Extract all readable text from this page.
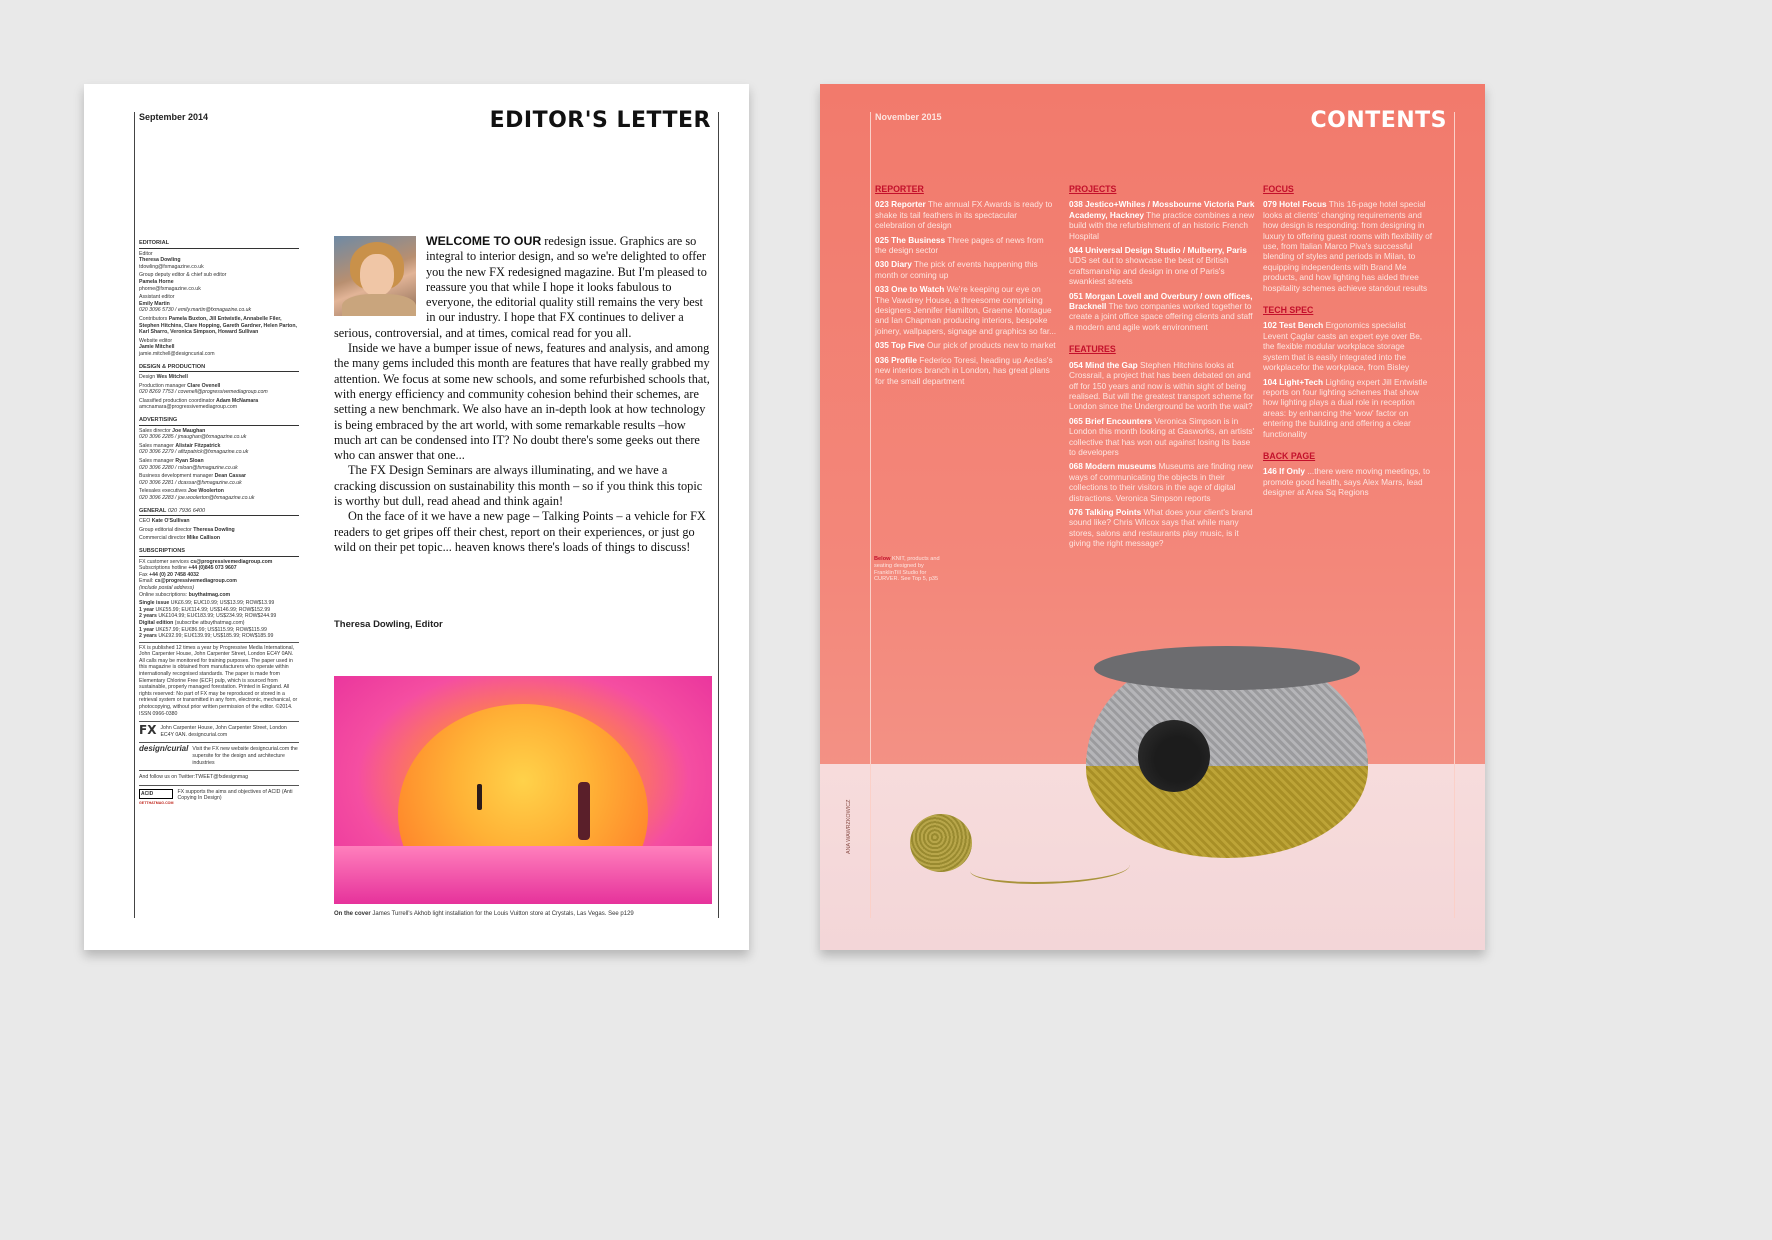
September 2014	EDITOR'S LETTER
EDITORIAL

Editor
Theresa Dowling
tdowling@fxmagazine.co.uk

Group deputy editor & chief sub editor
Pamela Horne
phorne@fxmagazine.co.uk

Assistant editor
Emily Martin
020 3096 5730 / emily.martin@fxmagazine.co.uk

Contributors Pamela Buxton, Jill Entwistle, Annabelle Filer, Stephen Hitchins, Clare Hopping, Gareth Gardner, Helen Parton, Karl Sharro, Veronica Simpson, Howard Sullivan

Website editor
Jamie Mitchell
jamie.mitchell@designcurial.com

DESIGN & PRODUCTION

Design Wes Mitchell

Production manager Clare Ovenell
020 8269 7753 / covenell@progressivemediagroup.com

Classified production coordinator Adam McNamara
amcnamara@progressivemediagroup.com

ADVERTISING

Sales director Joe Maughan
020 3096 2285 / jmaughan@fxmagazine.co.uk

Sales manager Alistair Fitzpatrick
020 3096 2279 / afitzpatrick@fxmagazine.co.uk

Sales manager Ryan Sloan
020 3096 2280 / rsloan@fxmagazine.co.uk

Business development manager Dean Cassar
020 3096 2281 / dcassar@fxmagazine.co.uk

Telesales executives Joe Woolerton
020 3096 2283 / joe.woolerton@fxmagazine.co.uk

GENERAL 020 7936 6400

CEO Kate O'Sullivan

Group editorial director Theresa Dowling

Commercial director Mike Callison

SUBSCRIPTIONS

FX customer services cs@progressivemediagroup.com
Subscriptions hotline +44 (0)845 073 9607
Fax +44 (0) 20 7458 4032
Email: cs@progressivemediagroup.com
(include postal address)
Online subscriptions: buythatmag.com

Single issue UK£6.99; EU€10.99; US$13.99; ROW$13.99
1 year UK£55.99; EU€114.99; US$146.99; ROW$152.99
2 years UK£104.99; EU€183.99; US$234.99; ROW$244.99
Digital edition (subscribe atbuythatmag.com)
1 year UK£57.99; EU€86.99; US$115.99; ROW$115.99
2 years UK£92.99; EU€139.99; US$185.99; ROW$185.99

FX is published 12 times a year by Progressive Media International, John Carpenter House, John Carpenter Street, London EC4Y 0AN. All calls may be monitored for training purposes. The paper used in this magazine is obtained from manufacturers who operate within internationally recognised standards. The paper is made from Elementary Chlorine Free (ECF) pulp, which is sourced from sustainable, properly managed forestation. Printed in England. All rights reserved: No part of FX may be reproduced or stored in a retrieval system or transmitted in any form, electronic, mechanical, or photocopying, without prior written permission of the editor. ©2014. ISSN 0966-0380

FX John Carpenter House, John Carpenter Street, London EC4Y 0AN. designcurial.com
design/curial Visit the FX new website designcurial.com the supersite for the design and architecture industries
And follow us on Twitter:TWEET@fxdesignmag
ACID
GETTHATMAG.COM
FX supports the aims and objectives of ACID (Anti Copying In Design)

WELCOME TO OUR redesign issue. Graphics are so integral to interior design, and so we're delighted to offer you the new FX redesigned magazine. But I'm pleased to reassure you that while I hope it looks fabulous to everyone, the editorial quality still remains the very best in our industry. I hope that FX continues to deliver a serious, controversial, and at times, comical read for you all.

Inside we have a bumper issue of news, features and analysis, and among the many gems included this month are features that have really grabbed my attention. We focus at some new schools, and some refurbished schools that, with energy efficiency and community cohesion behind their schemes, are setting a new benchmark. We also have an in-depth look at how technology is being embraced by the art world, with some remarkable results –how much art can be condensed into IT? No doubt there's some geeks out there who can answer that one...

The FX Design Seminars are always illuminating, and we have a cracking discussion on sustainability this month – so if you think this topic is worthy but dull, read ahead and think again!

On the face of it we have a new page – Talking Points – a vehicle for FX readers to get gripes off their chest, report on their experiences, or just go wild on their pet topic... heaven knows there's loads of things to discuss!

Theresa Dowling, Editor
On the cover James Turrell's Akhob light installation for the Louis Vuitton store at Crystals, Las Vegas. See p129
November 2015	CONTENTS
REPORTER
023 Reporter The annual FX Awards is ready to shake its tail feathers in its spectacular celebration of design
025 The Business Three pages of news from the design sector
030 Diary The pick of events happening this month or coming up
033 One to Watch We're keeping our eye on The Vawdrey House, a threesome comprising designers Jennifer Hamilton, Graeme Montague and Ian Chapman producing interiors, bespoke joinery, wallpapers, signage and graphics so far...
035 Top Five Our pick of products new to market
036 Profile Federico Toresi, heading up Aedas's new interiors branch in London, has great plans for the small department
PROJECTS
038 Jestico+Whiles / Mossbourne Victoria Park Academy, Hackney The practice combines a new build with the refurbishment of an historic French Hospital
044 Universal Design Studio / Mulberry, Paris UDS set out to showcase the best of British craftsmanship and design in one of Paris's swankiest streets
051 Morgan Lovell and Overbury / own offices, Bracknell The two companies worked together to create a joint office space offering clients and staff a modern and agile work environment
FEATURES
054 Mind the Gap Stephen Hitchins looks at Crossrail, a project that has been debated on and off for 150 years and now is within sight of being realised. But will the greatest transport scheme for London since the Underground be worth the wait?
065 Brief Encounters Veronica Simpson is in London this month looking at Gasworks, an artists' collective that has won out against losing its base to developers
068 Modern museums Museums are finding new ways of communicating the objects in their collections to their visitors in the age of digital distractions. Veronica Simpson reports
076 Talking Points What does your client's brand sound like? Chris Wilcox says that while many stores, salons and restaurants play music, is it giving the right message?
FOCUS
079 Hotel Focus This 16-page hotel special looks at clients' changing requirements and how design is responding: from designing in luxury to offering guest rooms with flexibility of use, from Italian Marco Piva's successful blending of styles and periods in Milan, to equipping independents with Brand Me products, and how lighting has aided three hospitality schemes achieve standout results
TECH SPEC
102 Test Bench Ergonomics specialist Levent Çaglar casts an expert eye over Be, the flexible modular workplace storage system that is easily integrated into the workplacefor the workplace, from Bisley
104 Light+Tech Lighting expert Jill Entwistle reports on four lighting schemes that show how lighting plays a dual role in reception areas: by enhancing the 'wow' factor on entering the building and offering a clear functionality
BACK PAGE
146 If Only ...there were moving meetings, to promote good health, says Alex Marrs, lead designer at Area Sq Regions
Below KNIT, products and seating designed by FranklinTill Studio for CURVER. See Top 5, p35
ANA WAWRZKOWICZ
